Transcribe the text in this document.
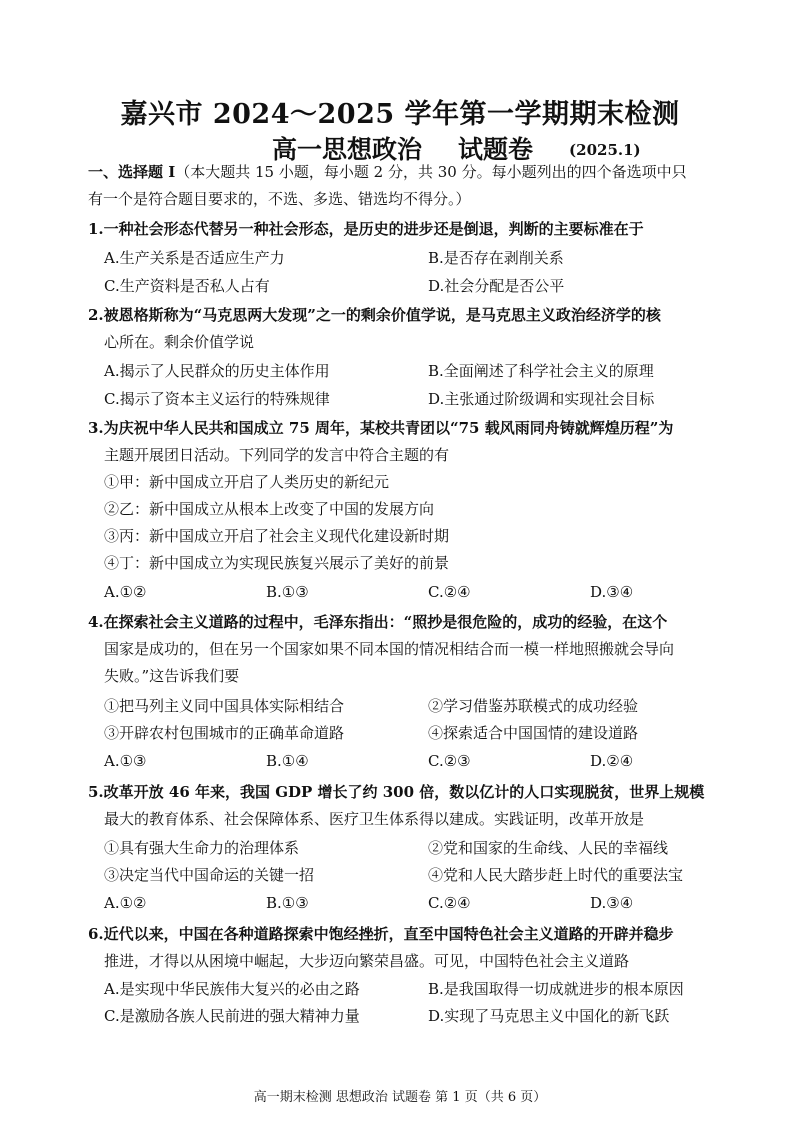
嘉兴市 2024～2025 学年第一学期期末检测
高一思想政治 试题卷 (2025.1)
一、选择题 I（本大题共 15 小题，每小题 2 分，共 30 分。每小题列出的四个备选项中只
有一个是符合题目要求的，不选、多选、错选均不得分。）
1.一种社会形态代替另一种社会形态，是历史的进步还是倒退，判断的主要标准在于
A.生产关系是否适应生产力	B.是否存在剥削关系
C.生产资料是否私人占有	D.社会分配是否公平
2.被恩格斯称为“马克思两大发现”之一的剩余价值学说，是马克思主义政治经济学的核
心所在。剩余价值学说
A.揭示了人民群众的历史主体作用	B.全面阐述了科学社会主义的原理
C.揭示了资本主义运行的特殊规律	D.主张通过阶级调和实现社会目标
3.为庆祝中华人民共和国成立 75 周年，某校共青团以“75 载风雨同舟铸就辉煌历程”为
主题开展团日活动。下列同学的发言中符合主题的有
①甲：新中国成立开启了人类历史的新纪元
②乙：新中国成立从根本上改变了中国的发展方向
③丙：新中国成立开启了社会主义现代化建设新时期
④丁：新中国成立为实现民族复兴展示了美好的前景
A.①②	B.①③	C.②④	D.③④
4.在探索社会主义道路的过程中，毛泽东指出：“照抄是很危险的，成功的经验，在这个
国家是成功的，但在另一个国家如果不同本国的情况相结合而一模一样地照搬就会导向
失败。”这告诉我们要
①把马列主义同中国具体实际相结合	②学习借鉴苏联模式的成功经验
③开辟农村包围城市的正确革命道路	④探索适合中国国情的建设道路
A.①③	B.①④	C.②③	D.②④
5.改革开放 46 年来，我国 GDP 增长了约 300 倍，数以亿计的人口实现脱贫，世界上规模
最大的教育体系、社会保障体系、医疗卫生体系得以建成。实践证明，改革开放是
①具有强大生命力的治理体系	②党和国家的生命线、人民的幸福线
③决定当代中国命运的关键一招	④党和人民大踏步赶上时代的重要法宝
A.①②	B.①③	C.②④	D.③④
6.近代以来，中国在各种道路探索中饱经挫折，直至中国特色社会主义道路的开辟并稳步
推进，才得以从困境中崛起，大步迈向繁荣昌盛。可见，中国特色社会主义道路
A.是实现中华民族伟大复兴的必由之路	B.是我国取得一切成就进步的根本原因
C.是激励各族人民前进的强大精神力量	D.实现了马克思主义中国化的新飞跃
高一期末检测 思想政治 试题卷 第 1 页（共 6 页）
